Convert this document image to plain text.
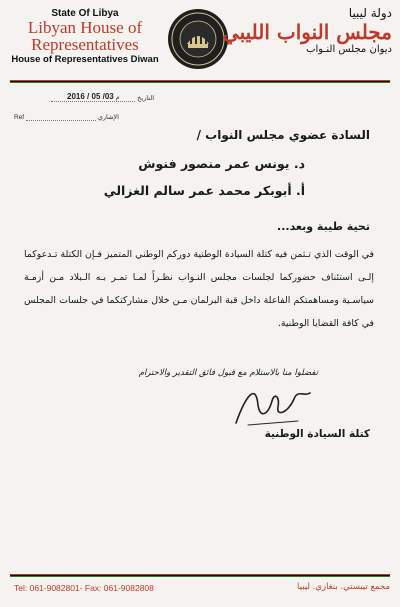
State Of Libya
Libyan House of
Representatives
House of Representatives Diwan
دولة ليبيا
مجلس النواب الليبي
ديوان مجلس النـواب
التاريخ 2016 / 05 /03 م
Ref	الإشاري
السادة عضوي مجلس النواب /
د. يونس عمر منصور فنوش
أ. أبوبكر محمد عمر سالم الغزالي
تحية طيبة وبعد...
في الوقت الذي تـثمن فيه كتلة السيادة الوطنية دوركم الوطني المتميز فـإن الكتلة تـدعوكما إلـى استئناف حضوركما لجلسات مجلس النـواب نظـراً لمـا تمـر بـه الـبلاد مـن أزمـة سياسـية ومساهمتكم الفاعلة داخل قبة البرلمان مـن خلال مشاركتكما في جلسات المجلس في كافة القضايا الوطنية.
تفضلوا منا بالاستلام مع قبول فائق التقدير والاحترام
كتلة السيادة الوطنية
Tel: 061-9082801- Fax: 061-9082808	مجمع تيبستي. بنغازي. ليبيا
